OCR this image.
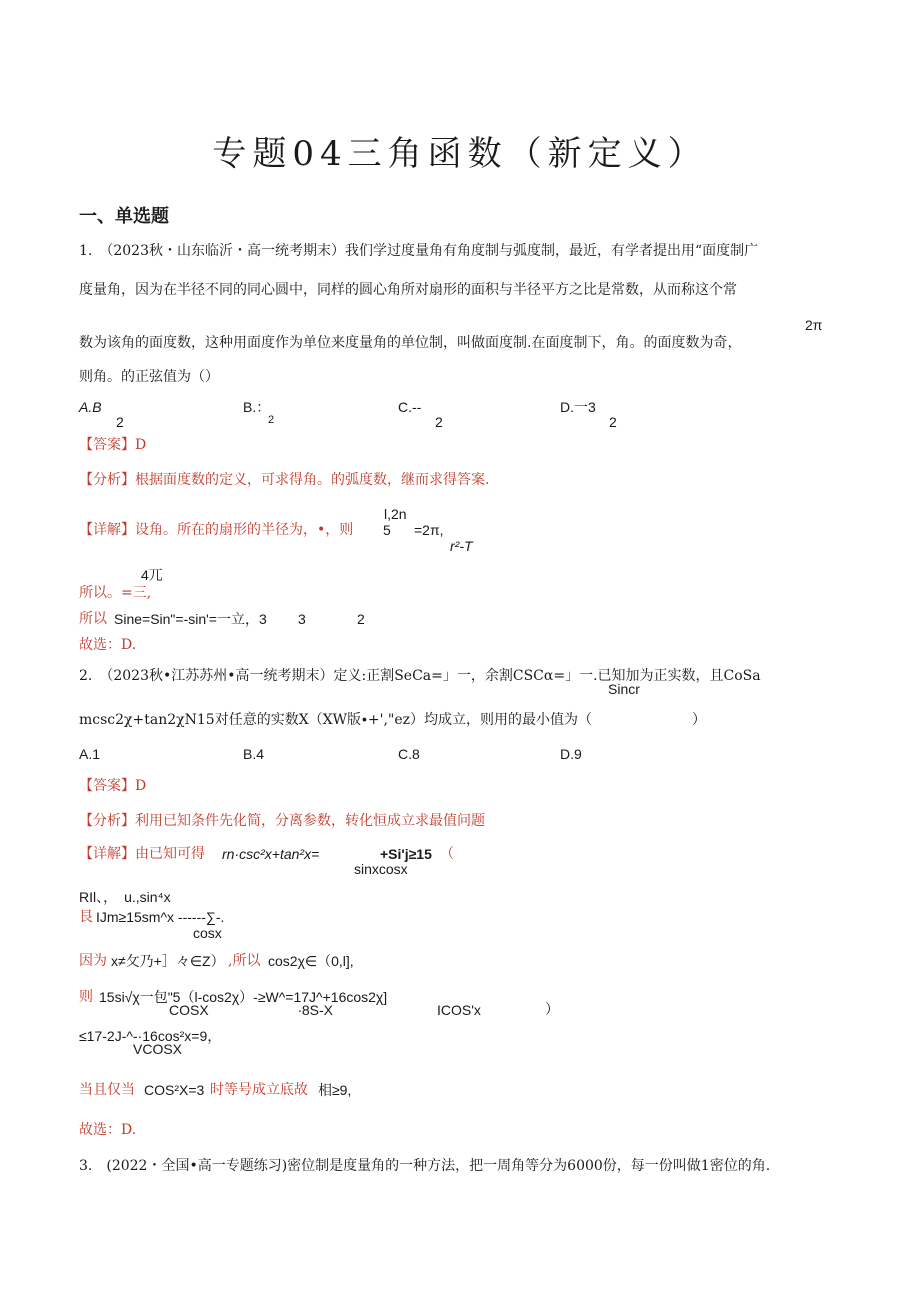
专题04三角函数（新定义）
一、单选题
1.　（2023秋・山东临沂・高一统考期末）我们学过度量角有角度制与弧度制，最近，有学者提出用“面度制广
度量角，因为在半径不同的同心圆中，同样的圆心角所对扇形的面积与半径平方之比是常数，从而称这个常
2π
数为该角的面度数，这种用面度作为单位来度量角的单位制，叫做面度制.在面度制下，角。的面度数为奇，
则角。的正弦值为（）
A.B
2
B.：
2
C.--
2
D.一3
2
【答案】D
【分析】根据面度数的定义，可求得角。的弧度数，继而求得答案.
l,2n
【详解】设角。所在的扇形的半径为，•，则 5 =2π,
r²-T
4兀
所以。=三,
所以 Sine=Sin"=-sin'=一立，3 3	2
故选：D.
2.　（2023秋•江苏苏州•高一统考期末）定义:正割SeCa=」一，余割CSCα=」一.已知加为正实数，且CoSa
Sincr
mcsc2χ+tan2χN15对任意的实数X（XW版∙+',"ez）均成立，则用的最小值为（	）
A.1	B.4	C.8	D.9
【答案】D
【分析】利用已知条件先化简，分离参数，转化恒成立求最值问题
【详解】由已知可得 rn·csc²x+tan²x=	+Si'j≥15 （
sinxcosx
RIl、，　u.,sin⁴x
艮 IJm≥15sm^x ------∑-.
cosx
因为 x≠攵乃+］々∈Z） ,所以 cos2χ∈（0,l],
则 15si√χ一包"5（l-cos2χ）-≥W^=17J^+16cos2χ]
COSX	∙8S-X	ICOS'x	）
≤17-2J-^-·16cos²x=9，
VCOSX
当且仅当 COS²X=3 时等号成立底故 相≥9,
故选：D.
3.　(2022・全国•高一专题练习)密位制是度量角的一种方法，把一周角等分为6000份，每一份叫做1密位的角.
